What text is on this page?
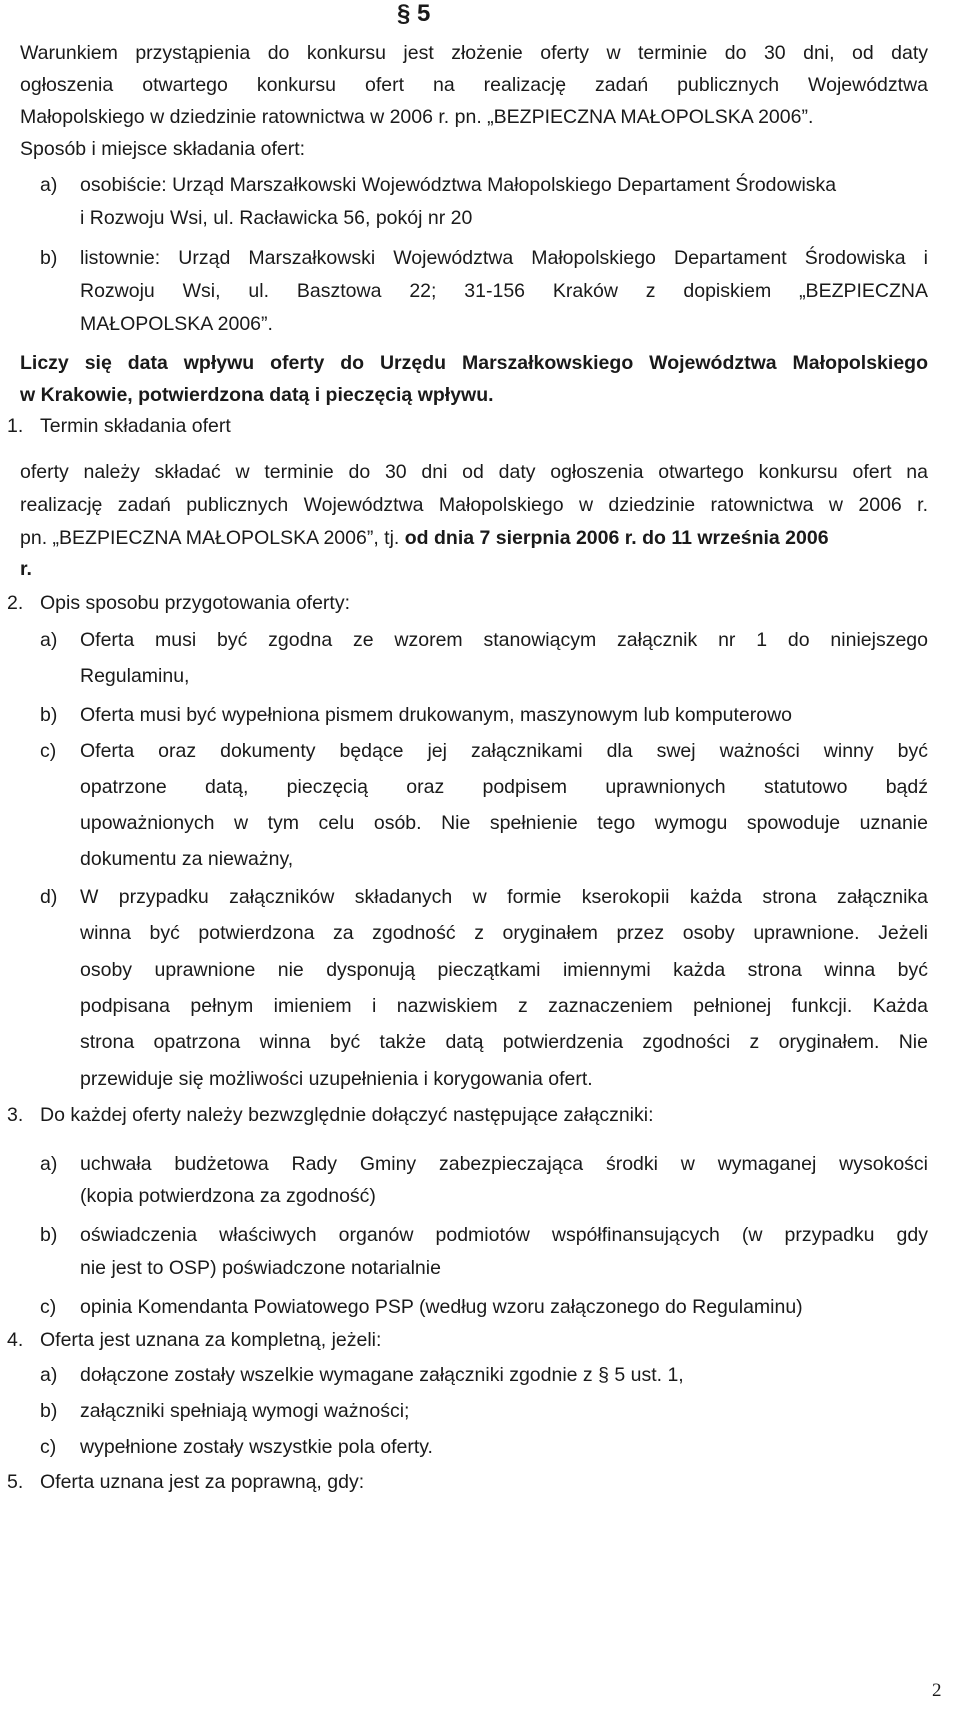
§ 5
Warunkiem przystąpienia do konkursu jest złożenie oferty w terminie do 30 dni, od daty
ogłoszenia otwartego konkursu ofert na realizację zadań publicznych Województwa
Małopolskiego w dziedzinie ratownictwa w 2006 r. pn. „BEZPIECZNA MAŁOPOLSKA 2006”.
Sposób i miejsce składania ofert:
a) osobiście: Urząd Marszałkowski Województwa Małopolskiego Departament Środowiska
i Rozwoju Wsi, ul. Racławicka 56, pokój nr 20
b) listownie: Urząd Marszałkowski Województwa Małopolskiego Departament Środowiska i
Rozwoju Wsi, ul. Basztowa 22; 31-156 Kraków z dopiskiem „BEZPIECZNA
MAŁOPOLSKA 2006”.
Liczy się data wpływu oferty do Urzędu Marszałkowskiego Województwa Małopolskiego
w Krakowie, potwierdzona datą i pieczęcią wpływu.
1. Termin składania ofert
oferty należy składać w terminie do 30 dni od daty ogłoszenia otwartego konkursu ofert na
realizację zadań publicznych Województwa Małopolskiego w dziedzinie ratownictwa w 2006 r.
pn. „BEZPIECZNA MAŁOPOLSKA 2006”, tj. od dnia 7 sierpnia 2006 r. do 11 września 2006
r.
2. Opis sposobu przygotowania oferty:
a) Oferta musi być zgodna ze wzorem stanowiącym załącznik nr 1 do niniejszego
Regulaminu,
b) Oferta musi być wypełniona pismem drukowanym, maszynowym lub komputerowo
c) Oferta oraz dokumenty będące jej załącznikami dla swej ważności winny być
opatrzone datą, pieczęcią oraz podpisem uprawnionych statutowo bądź
upoważnionych w tym celu osób. Nie spełnienie tego wymogu spowoduje uznanie
dokumentu za nieważny,
d) W przypadku załączników składanych w formie kserokopii każda strona załącznika
winna być potwierdzona za zgodność z oryginałem przez osoby uprawnione. Jeżeli
osoby uprawnione nie dysponują pieczątkami imiennymi każda strona winna być
podpisana pełnym imieniem i nazwiskiem z zaznaczeniem pełnionej funkcji. Każda
strona opatrzona winna być także datą potwierdzenia zgodności z oryginałem. Nie
przewiduje się możliwości uzupełnienia i korygowania ofert.
3. Do każdej oferty należy bezwzględnie dołączyć następujące załączniki:
a) uchwała budżetowa Rady Gminy zabezpieczająca środki w wymaganej wysokości
(kopia potwierdzona za zgodność)
b) oświadczenia właściwych organów podmiotów współfinansujących (w przypadku gdy
nie jest to OSP) poświadczone notarialnie
c) opinia Komendanta Powiatowego PSP (według wzoru załączonego do Regulaminu)
4. Oferta jest uznana za kompletną, jeżeli:
a) dołączone zostały wszelkie wymagane załączniki zgodnie z § 5 ust. 1,
b) załączniki spełniają wymogi ważności;
c) wypełnione zostały wszystkie pola oferty.
5. Oferta uznana jest za poprawną, gdy:
2
